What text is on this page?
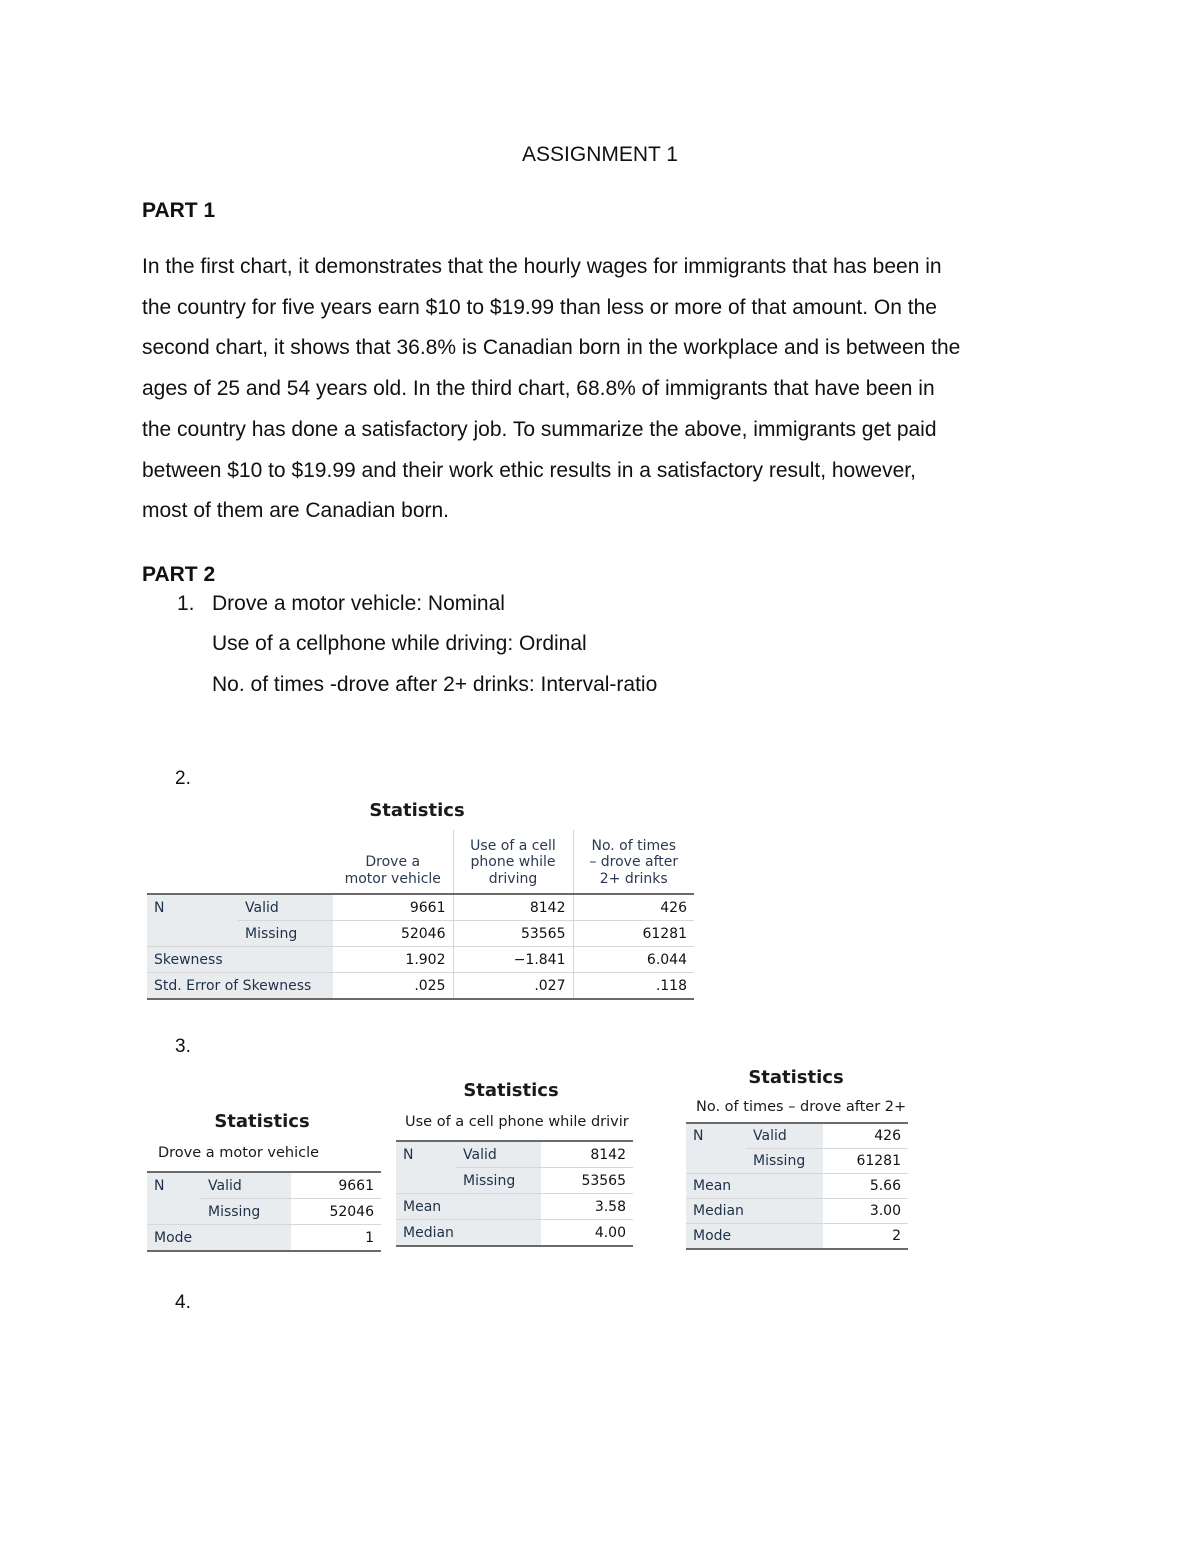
ASSIGNMENT 1
PART 1
In the first chart, it demonstrates that the hourly wages for immigrants that has been in
the country for five years earn $10 to $19.99 than less or more of that amount. On the
second chart, it shows that 36.8% is Canadian born in the workplace and is between the
ages of 25 and 54 years old. In the third chart, 68.8% of immigrants that have been in
the country has done a satisfactory job. To summarize the above, immigrants get paid
between $10 to $19.99 and their work ethic results in a satisfactory result, however,
most of them are Canadian born.
PART 2
1. Drove a motor vehicle: Nominal
Use of a cellphone while driving: Ordinal
No. of times -drove after 2+ drinks: Interval-ratio
2.
Statistics

		Drove a
motor vehicle	Use of a cell
phone while
driving	No. of times
– drove after
2+ drinks

N	Valid	9661	8142	426
	Missing	52046	53565	61281
Skewness		1.902	−1.841	6.044
Std. Error of Skewness		.025	.027	.118
3.
Statistics
Drove a motor vehicle
N	Valid	9661
	Missing	52046
Mode		1
Statistics
Use of a cell phone while drivir
N	Valid	8142
	Missing	53565
Mean		3.58
Median		4.00
Statistics
No. of times – drove after 2+
N	Valid	426
	Missing	61281
Mean		5.66
Median		3.00
Mode		2
4.
